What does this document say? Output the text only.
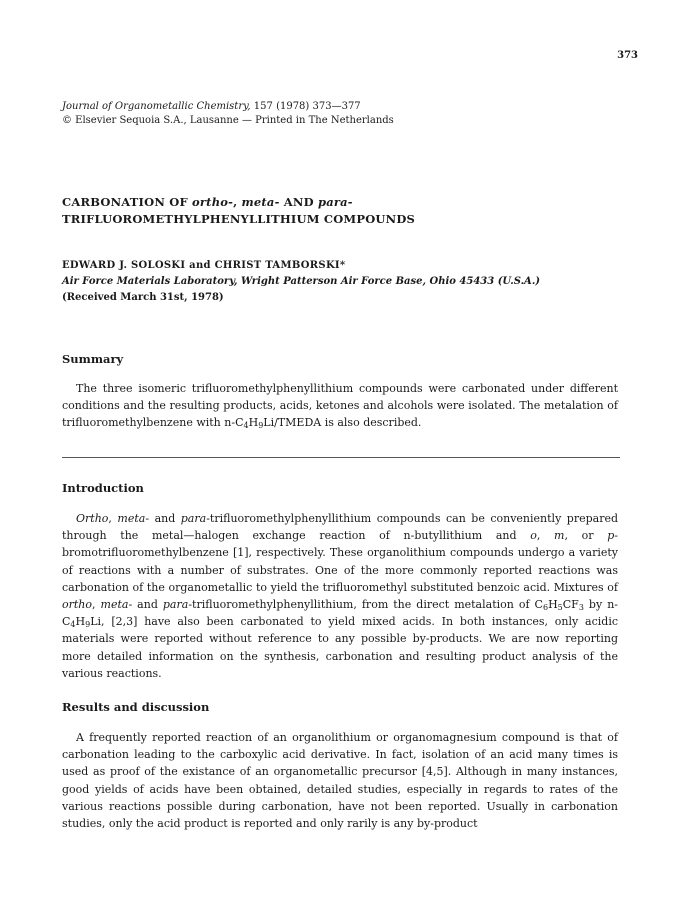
373
Journal of Organometallic Chemistry, 157 (1978) 373—377
© Elsevier Sequoia S.A., Lausanne — Printed in The Netherlands
CARBONATION OF ortho-, meta- AND para-
TRIFLUOROMETHYLPHENYLLITHIUM COMPOUNDS
EDWARD J. SOLOSKI and CHRIST TAMBORSKI*
Air Force Materials Laboratory, Wright Patterson Air Force Base, Ohio 45433 (U.S.A.)
(Received March 31st, 1978)
Summary

The three isomeric trifluoromethylphenyllithium compounds were carbonated under different conditions and the resulting products, acids, ketones and alcohols were isolated. The metalation of trifluoromethylbenzene with $n-C_4H_9Li$/TMEDA is also described.

Introduction

Ortho, meta- and para-trifluoromethylphenyllithium compounds can be conveniently prepared through the metal—halogen exchange reaction of n-butyllithium and o, m, or p-bromotrifluoromethylbenzene [1], respectively. These organolithium compounds undergo a variety of reactions with a number of substrates. One of the more commonly reported reactions was carbonation of the organometallic to yield the trifluoromethyl substituted benzoic acid. Mixtures of ortho, meta- and para-trifluoromethylphenyllithium, from the direct metalation of $C_6H_5CF_3$ by $n-C_4H_9Li$, [2,3] have also been carbonated to yield mixed acids. In both instances, only acidic materials were reported without reference to any possible by-products. We are now reporting more detailed information on the synthesis, carbonation and resulting product analysis of the various reactions.

Results and discussion

A frequently reported reaction of an organolithium or organomagnesium compound is that of carbonation leading to the carboxylic acid derivative. In fact, isolation of an acid many times is used as proof of the existance of an organometallic precursor [4,5]. Although in many instances, good yields of acids have been obtained, detailed studies, especially in regards to rates of the various reactions possible during carbonation, have not been reported. Usually in carbonation studies, only the acid product is reported and only rarily is any by-product
